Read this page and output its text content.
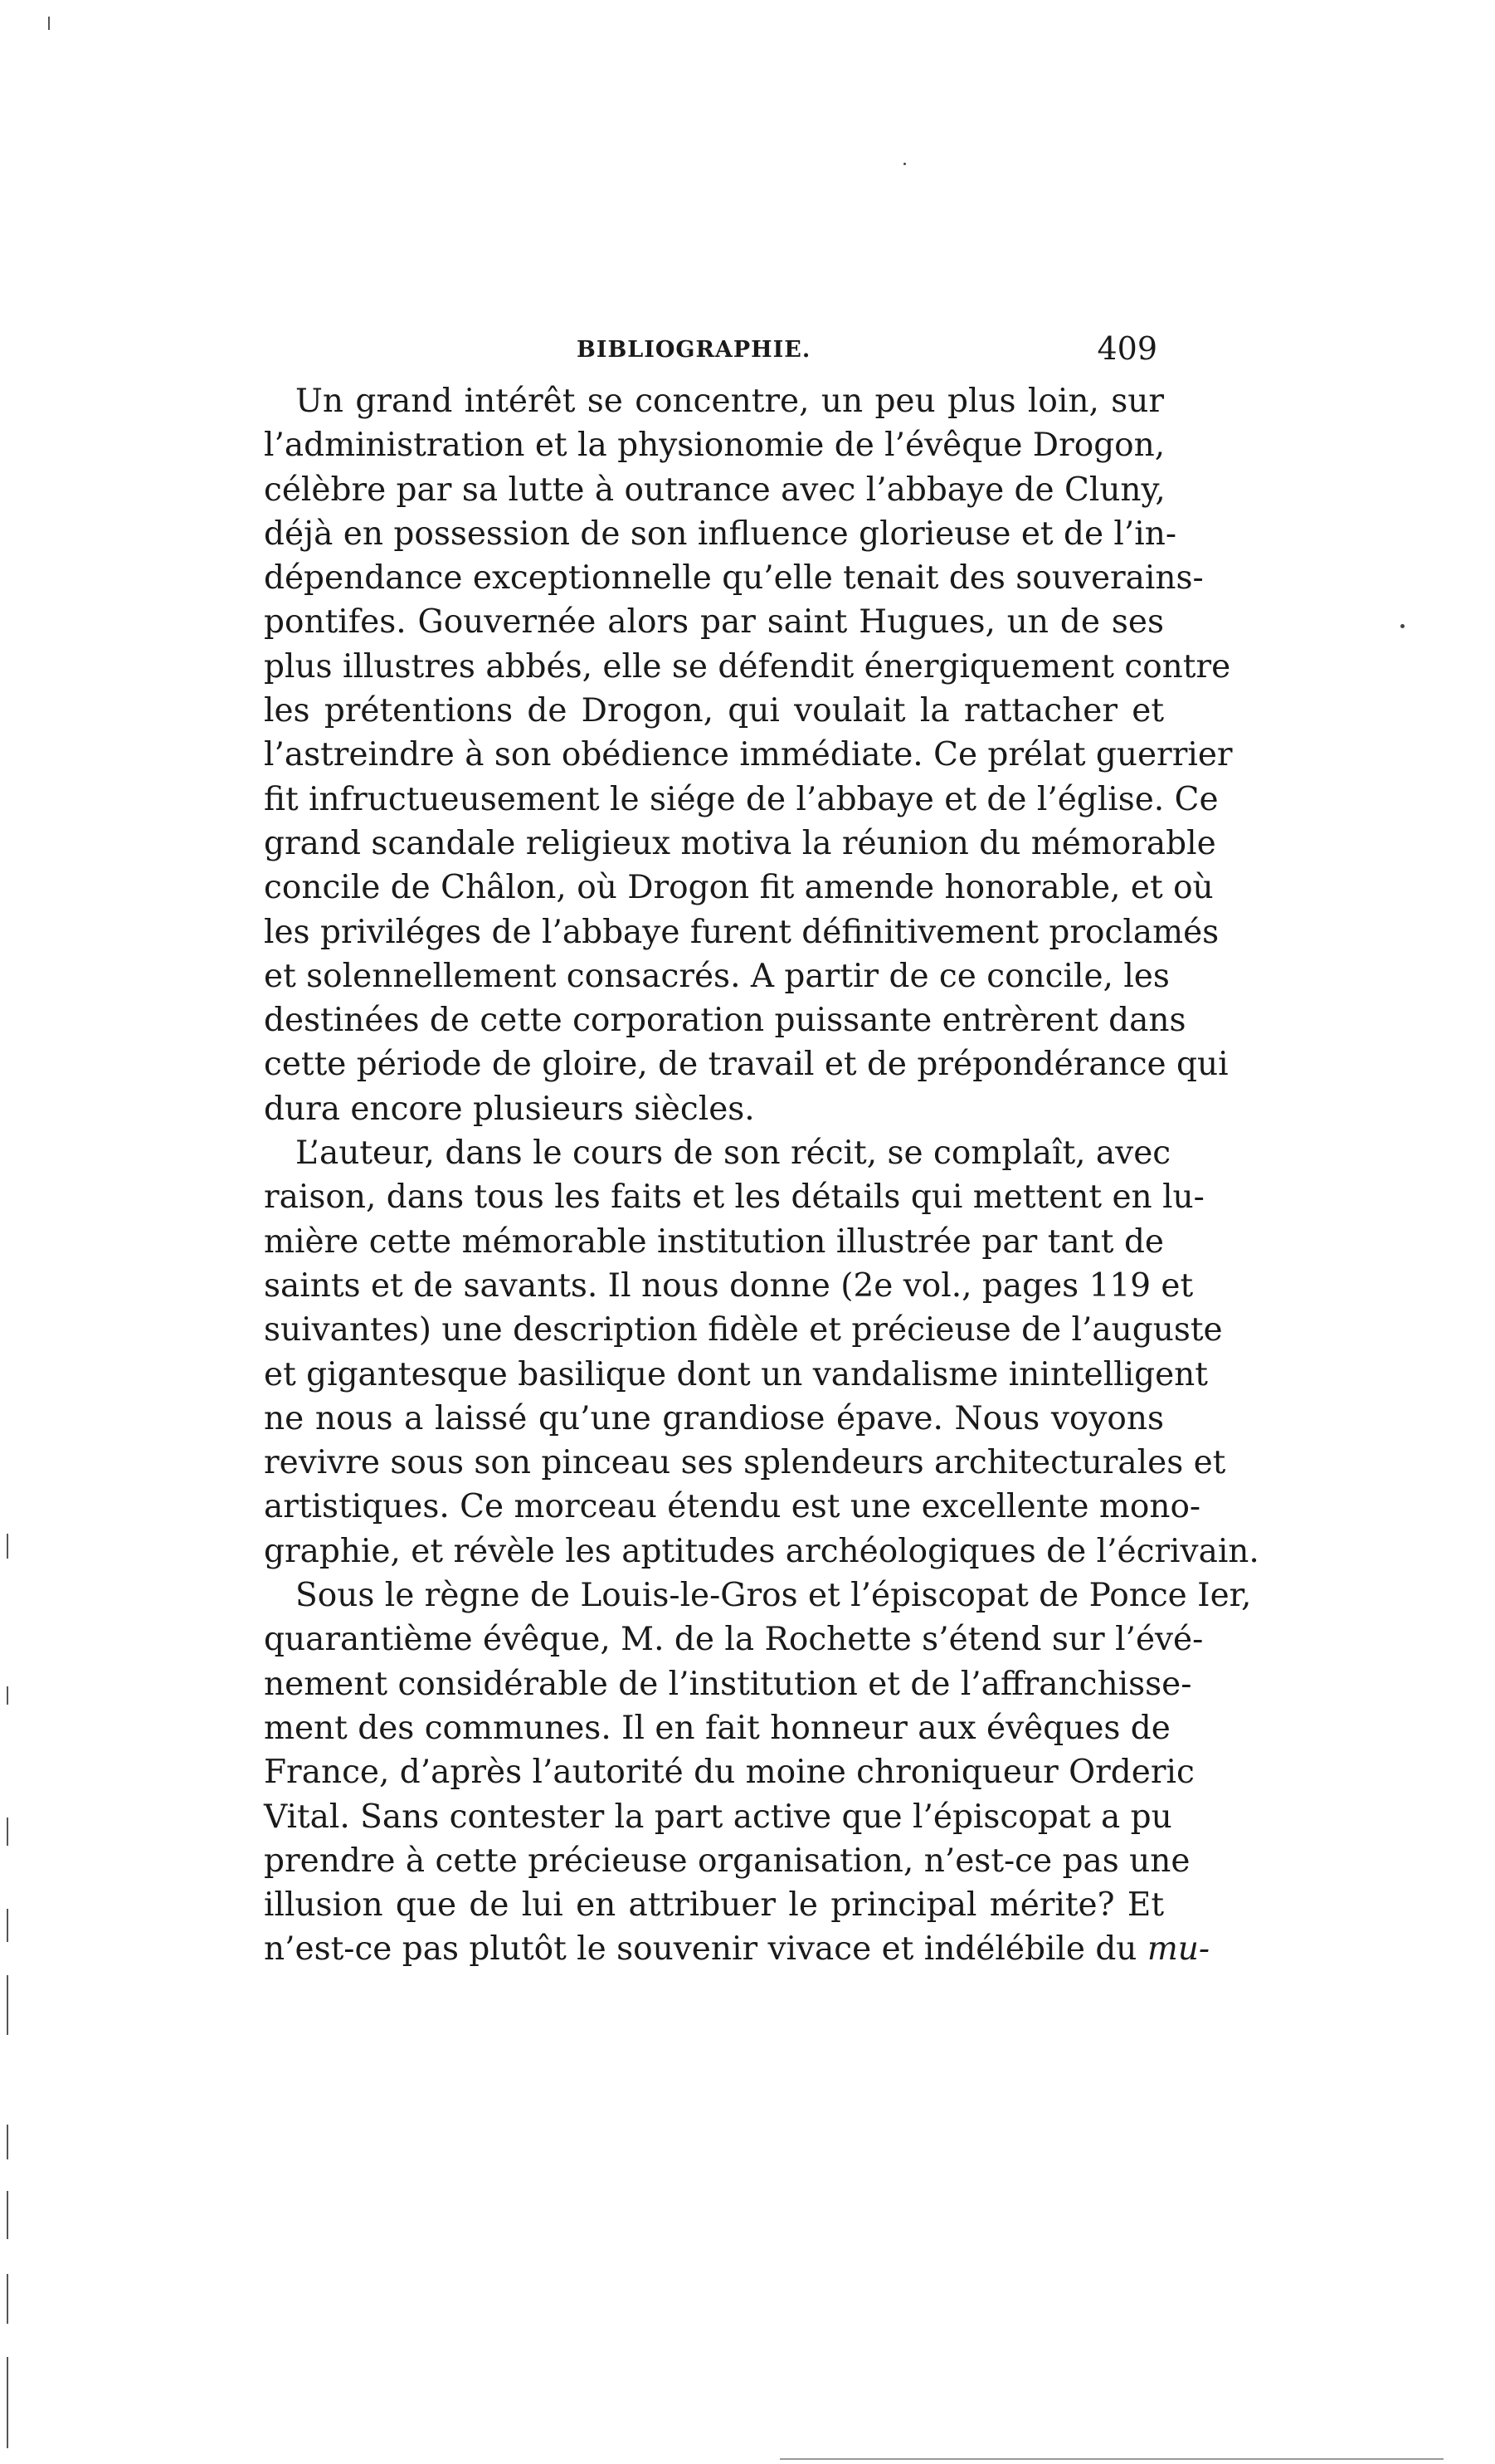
BIBLIOGRAPHIE.	409
Un grand intérêt se concentre, un peu plus loin, sur
l’administration et la physionomie de l’évêque Drogon,
célèbre par sa lutte à outrance avec l’abbaye de Cluny,
déjà en possession de son influence glorieuse et de l’in-
dépendance exceptionnelle qu’elle tenait des souverains-
pontifes. Gouvernée alors par saint Hugues, un de ses
plus illustres abbés, elle se défendit énergiquement contre
les prétentions de Drogon, qui voulait la rattacher et
l’astreindre à son obédience immédiate. Ce prélat guerrier
fit infructueusement le siége de l’abbaye et de l’église. Ce
grand scandale religieux motiva la réunion du mémorable
concile de Châlon, où Drogon fit amende honorable, et où
les priviléges de l’abbaye furent définitivement proclamés
et solennellement consacrés. A partir de ce concile, les
destinées de cette corporation puissante entrèrent dans
cette période de gloire, de travail et de prépondérance qui
dura encore plusieurs siècles.
L’auteur, dans le cours de son récit, se complaît, avec
raison, dans tous les faits et les détails qui mettent en lu-
mière cette mémorable institution illustrée par tant de
saints et de savants. Il nous donne (2e vol., pages 119 et
suivantes) une description fidèle et précieuse de l’auguste
et gigantesque basilique dont un vandalisme inintelligent
ne nous a laissé qu’une grandiose épave. Nous voyons
revivre sous son pinceau ses splendeurs architecturales et
artistiques. Ce morceau étendu est une excellente mono-
graphie, et révèle les aptitudes archéologiques de l’écrivain.
Sous le règne de Louis-le-Gros et l’épiscopat de Ponce Ier,
quarantième évêque, M. de la Rochette s’étend sur l’évé-
nement considérable de l’institution et de l’affranchisse-
ment des communes. Il en fait honneur aux évêques de
France, d’après l’autorité du moine chroniqueur Orderic
Vital. Sans contester la part active que l’épiscopat a pu
prendre à cette précieuse organisation, n’est-ce pas une
illusion que de lui en attribuer le principal mérite? Et
n’est-ce pas plutôt le souvenir vivace et indélébile du mu-
